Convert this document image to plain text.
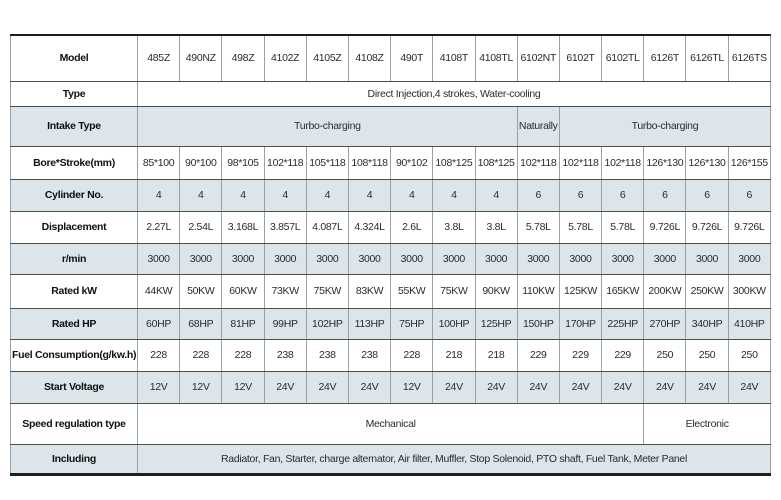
Model	485Z	490NZ	498Z	4102Z	4105Z	4108Z	490T	4108T	4108TL	6102NT	6102T	6102TL	6126T	6126TL	6126TS
Type	Direct Injection,4 strokes, Water-cooling														
Intake Type	Turbo-charging									Naturally	Turbo-charging				
Bore*Stroke(mm)	85*100	90*100	98*105	102*118	105*118	108*118	90*102	108*125	108*125	102*118	102*118	102*118	126*130	126*130	126*155
Cylinder No.	4	4	4	4	4	4	4	4	4	6	6	6	6	6	6
Displacement	2.27L	2.54L	3.168L	3.857L	4.087L	4.324L	2.6L	3.8L	3.8L	5.78L	5.78L	5.78L	9.726L	9.726L	9.726L
r/min	3000	3000	3000	3000	3000	3000	3000	3000	3000	3000	3000	3000	3000	3000	3000
Rated kW	44KW	50KW	60KW	73KW	75KW	83KW	55KW	75KW	90KW	110KW	125KW	165KW	200KW	250KW	300KW
Rated HP	60HP	68HP	81HP	99HP	102HP	113HP	75HP	100HP	125HP	150HP	170HP	225HP	270HP	340HP	410HP
Fuel Consumption(g/kw.h)	228	228	228	238	238	238	228	218	218	229	229	229	250	250	250
Start Voltage	12V	12V	12V	24V	24V	24V	12V	24V	24V	24V	24V	24V	24V	24V	24V
Speed regulation type	Mechanical												Electronic		
Including	Radiator, Fan, Starter, charge alternator, Air filter, Muffler, Stop Solenoid, PTO shaft, Fuel Tank, Meter Panel														
